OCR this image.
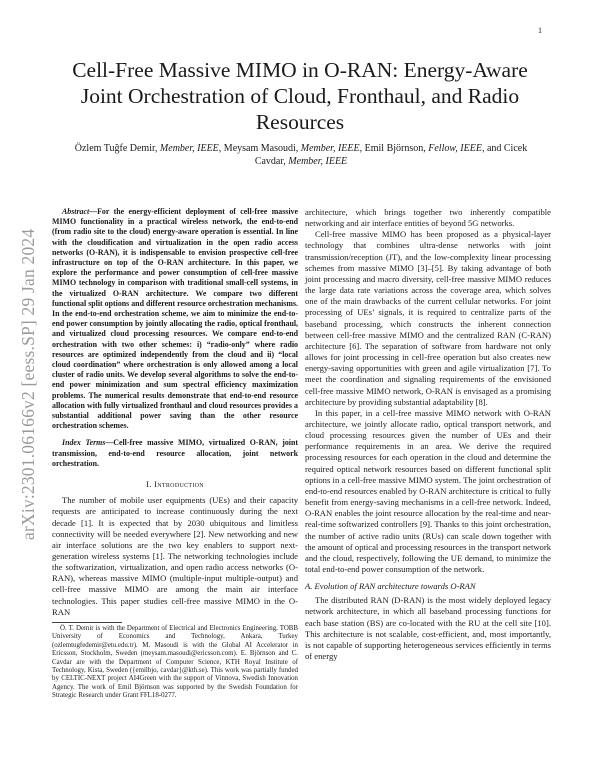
1
arXiv:2301.06166v2 [eess.SP] 29 Jan 2024
Cell-Free Massive MIMO in O-RAN: Energy-Aware Joint Orchestration of Cloud, Fronthaul, and Radio Resources
Özlem Tuğfe Demir, Member, IEEE, Meysam Masoudi, Member, IEEE, Emil Björnson, Fellow, IEEE, and Cicek Cavdar, Member, IEEE

Abstract—For the energy-efficient deployment of cell-free massive MIMO functionality in a practical wireless network, the end-to-end (from radio site to the cloud) energy-aware operation is essential. In line with the cloudification and virtualization in the open radio access networks (O-RAN), it is indispensable to envision prospective cell-free infrastructure on top of the O-RAN architecture. In this paper, we explore the performance and power consumption of cell-free massive MIMO technology in comparison with traditional small-cell systems, in the virtualized O-RAN architecture. We compare two different functional split options and different resource orchestration mechanisms. In the end-to-end orchestration scheme, we aim to minimize the end-to-end power consumption by jointly allocating the radio, optical fronthaul, and virtualized cloud processing resources. We compare end-to-end orchestration with two other schemes: i) “radio-only” where radio resources are optimized independently from the cloud and ii) “local cloud coordination” where orchestration is only allowed among a local cluster of radio units. We develop several algorithms to solve the end-to-end power minimization and sum spectral efficiency maximization problems. The numerical results demonstrate that end-to-end resource allocation with fully virtualized fronthaul and cloud resources provides a substantial additional power saving than the other resource orchestration schemes.

Index Terms—Cell-free massive MIMO, virtualized O-RAN, joint transmission, end-to-end resource allocation, joint network orchestration.

I. Introduction

The number of mobile user equipments (UEs) and their capacity requests are anticipated to increase continuously during the next decade [1]. It is expected that by 2030 ubiquitous and limitless connectivity will be needed everywhere [2]. New networking and new air interface solutions are the two key enablers to support next-generation wireless systems [1]. The networking technologies include the softwarization, virtualization, and open radio access networks (O-RAN), whereas massive MIMO (multiple-input multiple-output) and cell-free massive MIMO are among the main air interface technologies. This paper studies cell-free massive MIMO in the O-RAN

Ö. T. Demir is with the Department of Electrical and Electronics Engineering, TOBB University of Economics and Technology, Ankara, Turkey (ozlemtugfedemir@etu.edu.tr). M. Masoudi is with the Global AI Accelerator in Ericsson, Stockholm, Sweden (meysam.masoudi@ericsson.com). E. Björnson and C. Cavdar are with the Department of Computer Science, KTH Royal Institute of Technology, Kista, Sweden ({emilbjo, cavdar}@kth.se). This work was partially funded by CELTIC-NEXT project AI4Green with the support of Vinnova, Swedish Innovation Agency. The work of Emil Björnson was supported by the Swedish Foundation for Strategic Research under Grant FFL18-0277.

architecture, which brings together two inherently compatible networking and air interface entities of beyond 5G networks.

Cell-free massive MIMO has been proposed as a physical-layer technology that combines ultra-dense networks with joint transmission/reception (JT), and the low-complexity linear processing schemes from massive MIMO [3]–[5]. By taking advantage of both joint processing and macro diversity, cell-free massive MIMO reduces the large data rate variations across the coverage area, which solves one of the main drawbacks of the current cellular networks. For joint processing of UEs’ signals, it is required to centralize parts of the baseband processing, which constructs the inherent connection between cell-free massive MIMO and the centralized RAN (C-RAN) architecture [6]. The separation of software from hardware not only allows for joint processing in cell-free operation but also creates new energy-saving opportunities with green and agile virtualization [7]. To meet the coordination and signaling requirements of the envisioned cell-free massive MIMO network, O-RAN is envisaged as a promising architecture by providing substantial adaptability [8].

In this paper, in a cell-free massive MIMO network with O-RAN architecture, we jointly allocate radio, optical transport network, and cloud processing resources given the number of UEs and their performance requirements in an area. We derive the required processing resources for each operation in the cloud and determine the required optical network resources based on different functional split options in a cell-free massive MIMO system. The joint orchestration of end-to-end resources enabled by O-RAN architecture is critical to fully benefit from energy-saving mechanisms in a cell-free network. Indeed, O-RAN enables the joint resource allocation by the real-time and near-real-time softwarized controllers [9]. Thanks to this joint orchestration, the number of active radio units (RUs) can scale down together with the amount of optical and processing resources in the transport network and the cloud, respectively, following the UE demand, to minimize the total end-to-end power consumption of the network.

A. Evolution of RAN architecture towards O-RAN

The distributed RAN (D-RAN) is the most widely deployed legacy network architecture, in which all baseband processing functions for each base station (BS) are co-located with the RU at the cell site [10]. This architecture is not scalable, cost-efficient, and, most importantly, is not capable of supporting heterogeneous services efficiently in terms of energy
